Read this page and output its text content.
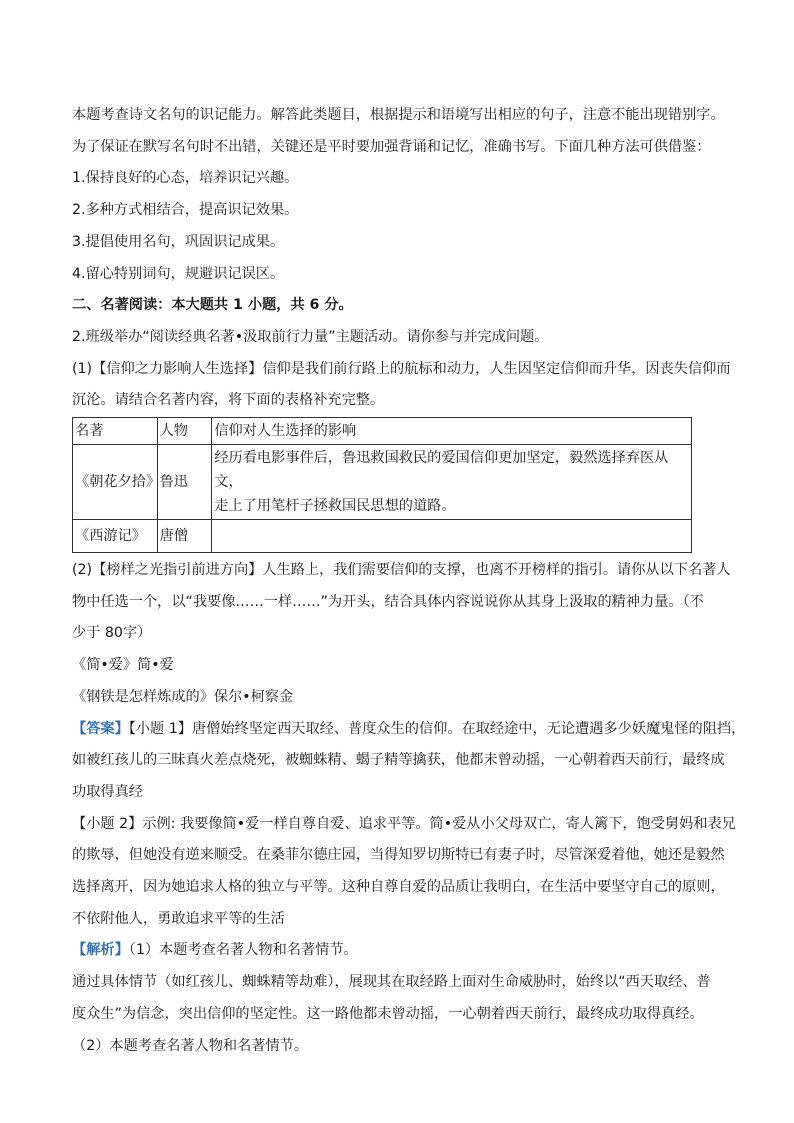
本题考查诗文名句的识记能力。解答此类题目，根据提示和语境写出相应的句子，注意不能出现错别字。
为了保证在默写名句时不出错，关键还是平时要加强背诵和记忆，准确书写。下面几种方法可供借鉴：
1.保持良好的心态，培养识记兴趣。
2.多种方式相结合，提高识记效果。
3.提倡使用名句，巩固识记成果。
4.留心特别词句，规避识记误区。
二、名著阅读：本大题共 1 小题，共 6 分。
2.班级举办“阅读经典名著•汲取前行力量”主题活动。请你参与并完成问题。
(1)【信仰之力影响人生选择】信仰是我们前行路上的航标和动力，人生因坚定信仰而升华，因丧失信仰而
沉沦。请结合名著内容，将下面的表格补充完整。
名著	人物	信仰对人生选择的影响
《朝花夕拾》	鲁迅	经历看电影事件后，鲁迅救国救民的爱国信仰更加坚定，毅然选择弃医从文，
走上了用笔杆子拯救国民思想的道路。

《西游记》	唐僧	
(2)【榜样之光指引前进方向】人生路上，我们需要信仰的支撑，也离不开榜样的指引。请你从以下名著人
物中任选一个，以“我要像……一样……”为开头，结合具体内容说说你从其身上汲取的精神力量。（不
少于 80字）
《简•爱》简•爱
《钢铁是怎样炼成的》保尔•柯察金
【答案】【小题 1】唐僧始终坚定西天取经、普度众生的信仰。在取经途中，无论遭遇多少妖魔鬼怪的阻挡，
如被红孩儿的三昧真火差点烧死，被蜘蛛精、蝎子精等擒获，他都未曾动摇，一心朝着西天前行，最终成
功取得真经
【小题 2】示例: 我要像简•爱一样自尊自爱、追求平等。简•爱从小父母双亡，寄人篱下，饱受舅妈和表兄
的欺辱，但她没有逆来顺受。在桑菲尔德庄园，当得知罗切斯特已有妻子时，尽管深爱着他，她还是毅然
选择离开，因为她追求人格的独立与平等。这种自尊自爱的品质让我明白，在生活中要坚守自己的原则，
不依附他人，勇敢追求平等的生活
【解析】（1）本题考查名著人物和名著情节。
通过具体情节（如红孩儿、蜘蛛精等劫难），展现其在取经路上面对生命威胁时，始终以“西天取经、普
度众生”为信念，突出信仰的坚定性。这一路他都未曾动摇，一心朝着西天前行，最终成功取得真经。
（2）本题考查名著人物和名著情节。
